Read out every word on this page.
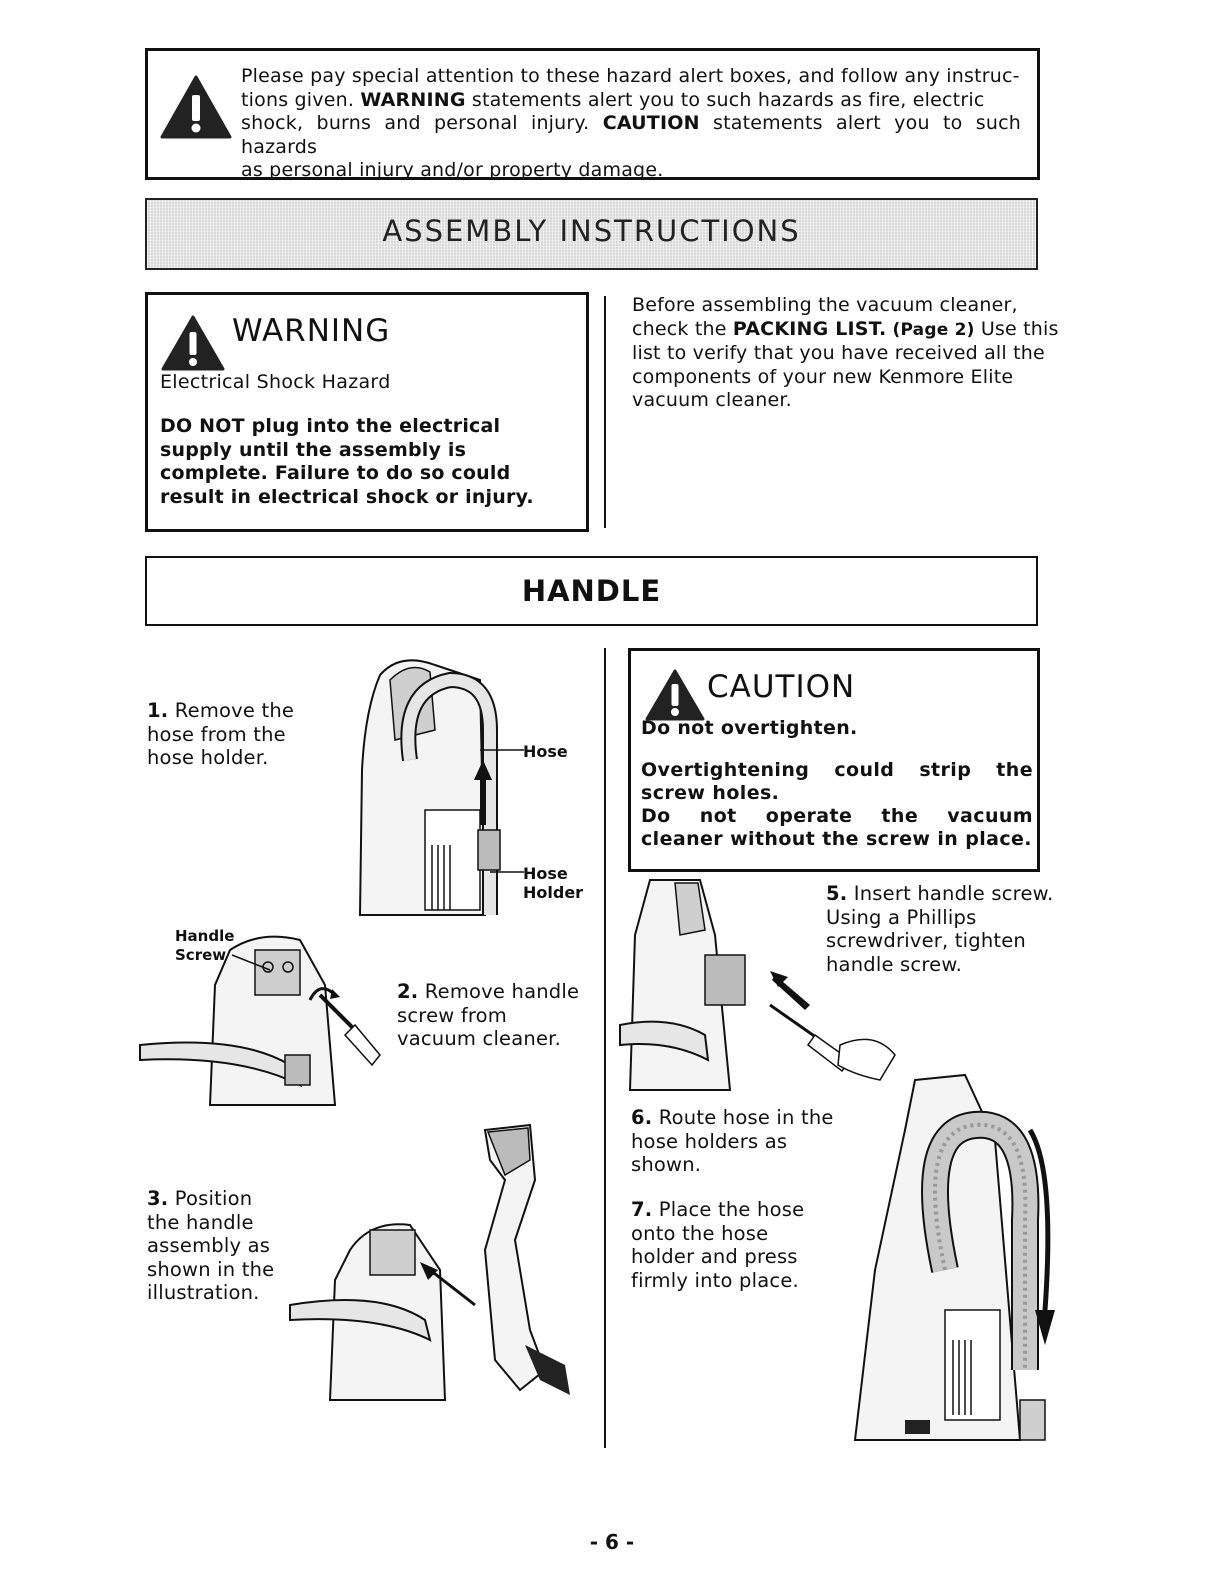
Please pay special attention to these hazard alert boxes, and follow any instruc-
tions given. WARNING statements alert you to such hazards as fire, electric
shock, burns and personal injury. CAUTION statements alert you to such hazards
as personal injury and/or property damage.
ASSEMBLY INSTRUCTIONS
WARNING
Electrical Shock Hazard
DO NOT plug into the electrical supply until the assembly is complete. Failure to do so could result in electrical shock or injury.
Before assembling the vacuum cleaner, check the PACKING LIST. (Page 2) Use this list to verify that you have received all the components of your new Kenmore Elite vacuum cleaner.
HANDLE
1. Remove the hose from the hose holder.	Hose
Hose
Holder
Handle
Screw
2. Remove handle screw from vacuum cleaner.
3. Position the handle assembly as shown in the illustration.
CAUTION
Do not overtighten.
Overtightening could strip the screw holes.
Do not operate the vacuum cleaner without the screw in place.
5. Insert handle screw. Using a Phillips screwdriver, tighten handle screw.
6. Route hose in the hose holders as shown.
7. Place the hose onto the hose holder and press firmly into place.
- 6 -
